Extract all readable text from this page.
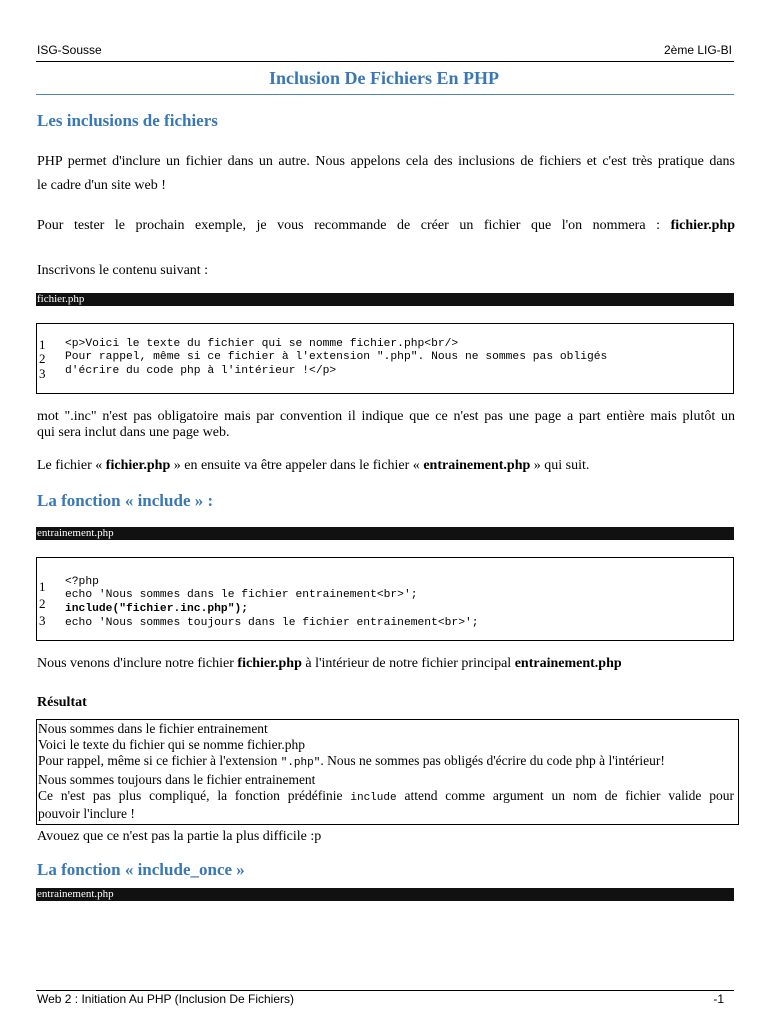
ISG-Sousse	2ème LIG-BI
Inclusion De Fichiers En PHP
Les inclusions de fichiers
PHP permet d'inclure un fichier dans un autre. Nous appelons cela des inclusions de fichiers et c'est très pratique dans
le cadre d'un site web !
Pour tester le prochain exemple, je vous recommande de créer un fichier que l'on nommera : fichier.php
Inscrivons le contenu suivant :
fichier.php
1
2
3
<p>Voici le texte du fichier qui se nomme fichier.php<br/>
Pour rappel, même si ce fichier à l'extension ".php". Nous ne sommes pas obligés
d'écrire du code php à l'intérieur !</p>
mot ".inc" n'est pas obligatoire mais par convention il indique que ce n'est pas une page a part entière mais plutôt un
qui sera inclut dans une page web.
Le fichier « fichier.php » en ensuite va être appeler dans le fichier « entrainement.php » qui suit.
La fonction « include » :
entrainement.php
1
2
3
<?php
echo 'Nous sommes dans le fichier entrainement<br>';
include("fichier.inc.php");
echo 'Nous sommes toujours dans le fichier entrainement<br>';
Nous venons d'inclure notre fichier fichier.php à l'intérieur de notre fichier principal entrainement.php
Résultat
Nous sommes dans le fichier entrainement
Voici le texte du fichier qui se nomme fichier.php
Pour rappel, même si ce fichier à l'extension ".php". Nous ne sommes pas obligés d'écrire du code php à l'intérieur!
Nous sommes toujours dans le fichier entrainement
Ce n'est pas plus compliqué, la fonction prédéfinie include attend comme argument un nom de fichier valide pour
pouvoir l'inclure !
Avouez que ce n'est pas la partie la plus difficile :p
La fonction « include_once »
entrainement.php
Web 2 : Initiation Au PHP (Inclusion De Fichiers)	-1
